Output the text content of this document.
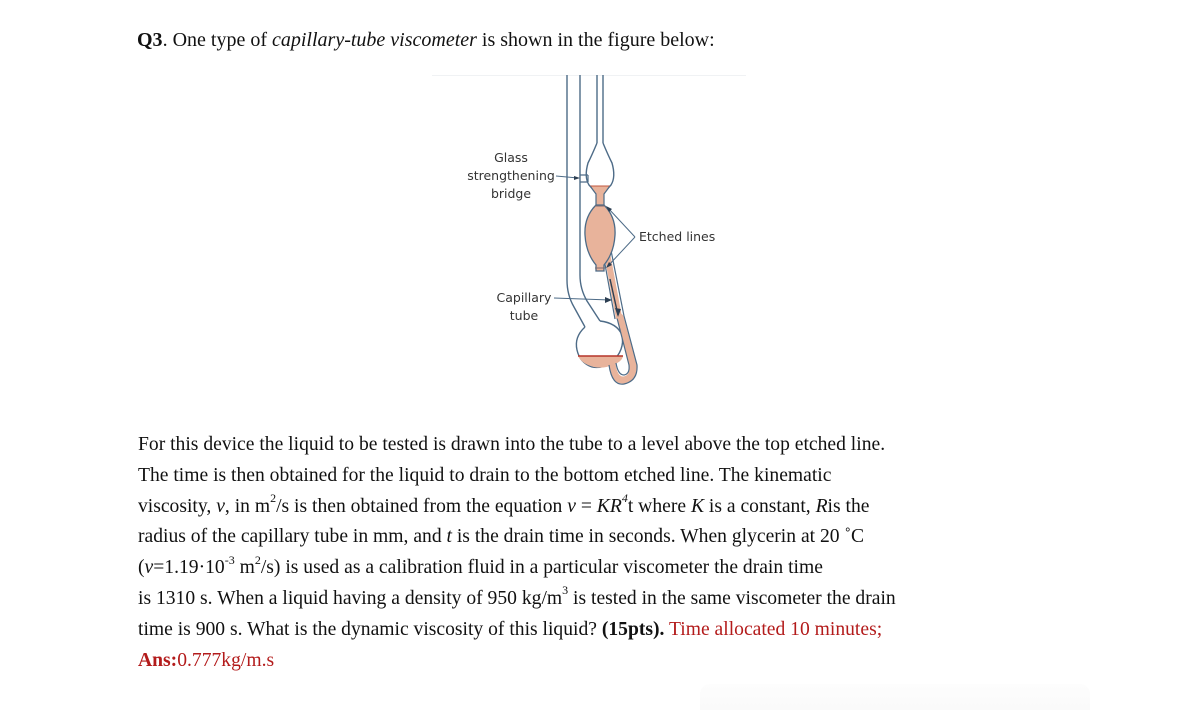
Q3. One type of capillary-tube viscometer is shown in the figure below:
Glass
strengthening
bridge
Etched lines
Capillary
tube
For this device the liquid to be tested is drawn into the tube to a level above the top etched line.
The time is then obtained for the liquid to drain to the bottom etched line. The kinematic
viscosity, v, in $m^2/s$ is then obtained from the equation $v = KR^4t$ where K is a constant, Ris the
radius of the capillary tube in mm, and t is the drain time in seconds. When glycerin at 20 ˚C
($v=1.19\cdot 10^{-3}$ $m^2/s$) is used as a calibration fluid in a particular viscometer the drain time
is 1310 s. When a liquid having a density of 950 $kg/m^3$ is tested in the same viscometer the drain
time is 900 s. What is the dynamic viscosity of this liquid? (15pts). Time allocated 10 minutes;
Ans:0.777kg/m.s
